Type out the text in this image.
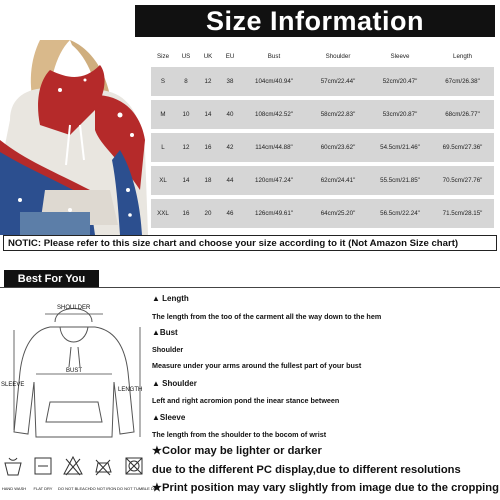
Size Information
Size	US	UK	EU	Bust	Shoulder	Sleeve	Length
S	8	12	38	104cm/40.94"	57cm/22.44"	52cm/20.47"	67cm/26.38"
M	10	14	40	108cm/42.52"	58cm/22.83"	53cm/20.87"	68cm/26.77"
L	12	16	42	114cm/44.88"	60cm/23.62"	54.5cm/21.46"	69.5cm/27.36"
XL	14	18	44	120cm/47.24"	62cm/24.41"	55.5cm/21.85"	70.5cm/27.76"
XXL	16	20	46	126cm/49.61"	64cm/25.20"	56.5cm/22.24"	71.5cm/28.15"
NOTIC: Please refer to this size chart and choose your size according to it (Not Amazon Size chart)
Best For You
SHOULDER
BUST
SLEEVE
LENGTH
HAND WASH	FLAT DRY	DO NOT BLEACH DO NOT IRON DO NOT TUMBLE DRY
▲ Length
The length from the too of the carment all the way down to the hem
▲Bust
Shoulder
Measure under your arms around the fullest part of your bust
▲ Shoulder
Left and right acromion pond the inear stance between
▲Sleeve
The length from the shoulder to the bocom of wrist
★Color may be lighter or darker
due to the different PC display,due to different resolutions
★Print position may vary slightly from image due to the cropping
